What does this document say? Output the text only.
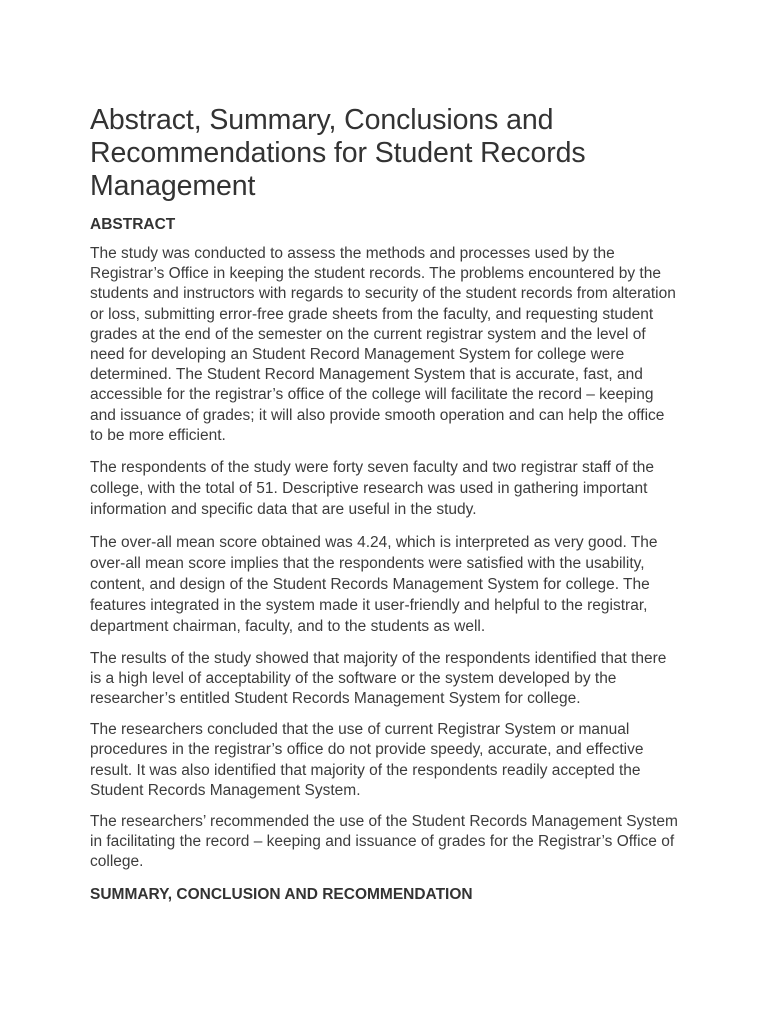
Abstract, Summary, Conclusions and Recommendations for Student Records Management
ABSTRACT

The study was conducted to assess the methods and processes used by the Registrar’s Office in keeping the student records. The problems encountered by the students and instructors with regards to security of the student records from alteration or loss, submitting error-free grade sheets from the faculty, and requesting student grades at the end of the semester on the current registrar system and the level of need for developing an Student Record Management System for college were determined. The Student Record Management System that is accurate, fast, and accessible for the registrar’s office of the college will facilitate the record – keeping and issuance of grades; it will also provide smooth operation and can help the office to be more efficient.

The respondents of the study were forty seven faculty and two registrar staff of the college, with the total of 51. Descriptive research was used in gathering important information and specific data that are useful in the study.

The over-all mean score obtained was 4.24, which is interpreted as very good. The over-all mean score implies that the respondents were satisfied with the usability, content, and design of the Student Records Management System for college. The features integrated in the system made it user-friendly and helpful to the registrar, department chairman, faculty, and to the students as well.

The results of the study showed that majority of the respondents identified that there is a high level of acceptability of the software or the system developed by the researcher’s entitled Student Records Management System for college.

The researchers concluded that the use of current Registrar System or manual procedures in the registrar’s office do not provide speedy, accurate, and effective result. It was also identified that majority of the respondents readily accepted the Student Records Management System.

The researchers’ recommended the use of the Student Records Management System in facilitating the record – keeping and issuance of grades for the Registrar’s Office of college.

SUMMARY, CONCLUSION AND RECOMMENDATION
